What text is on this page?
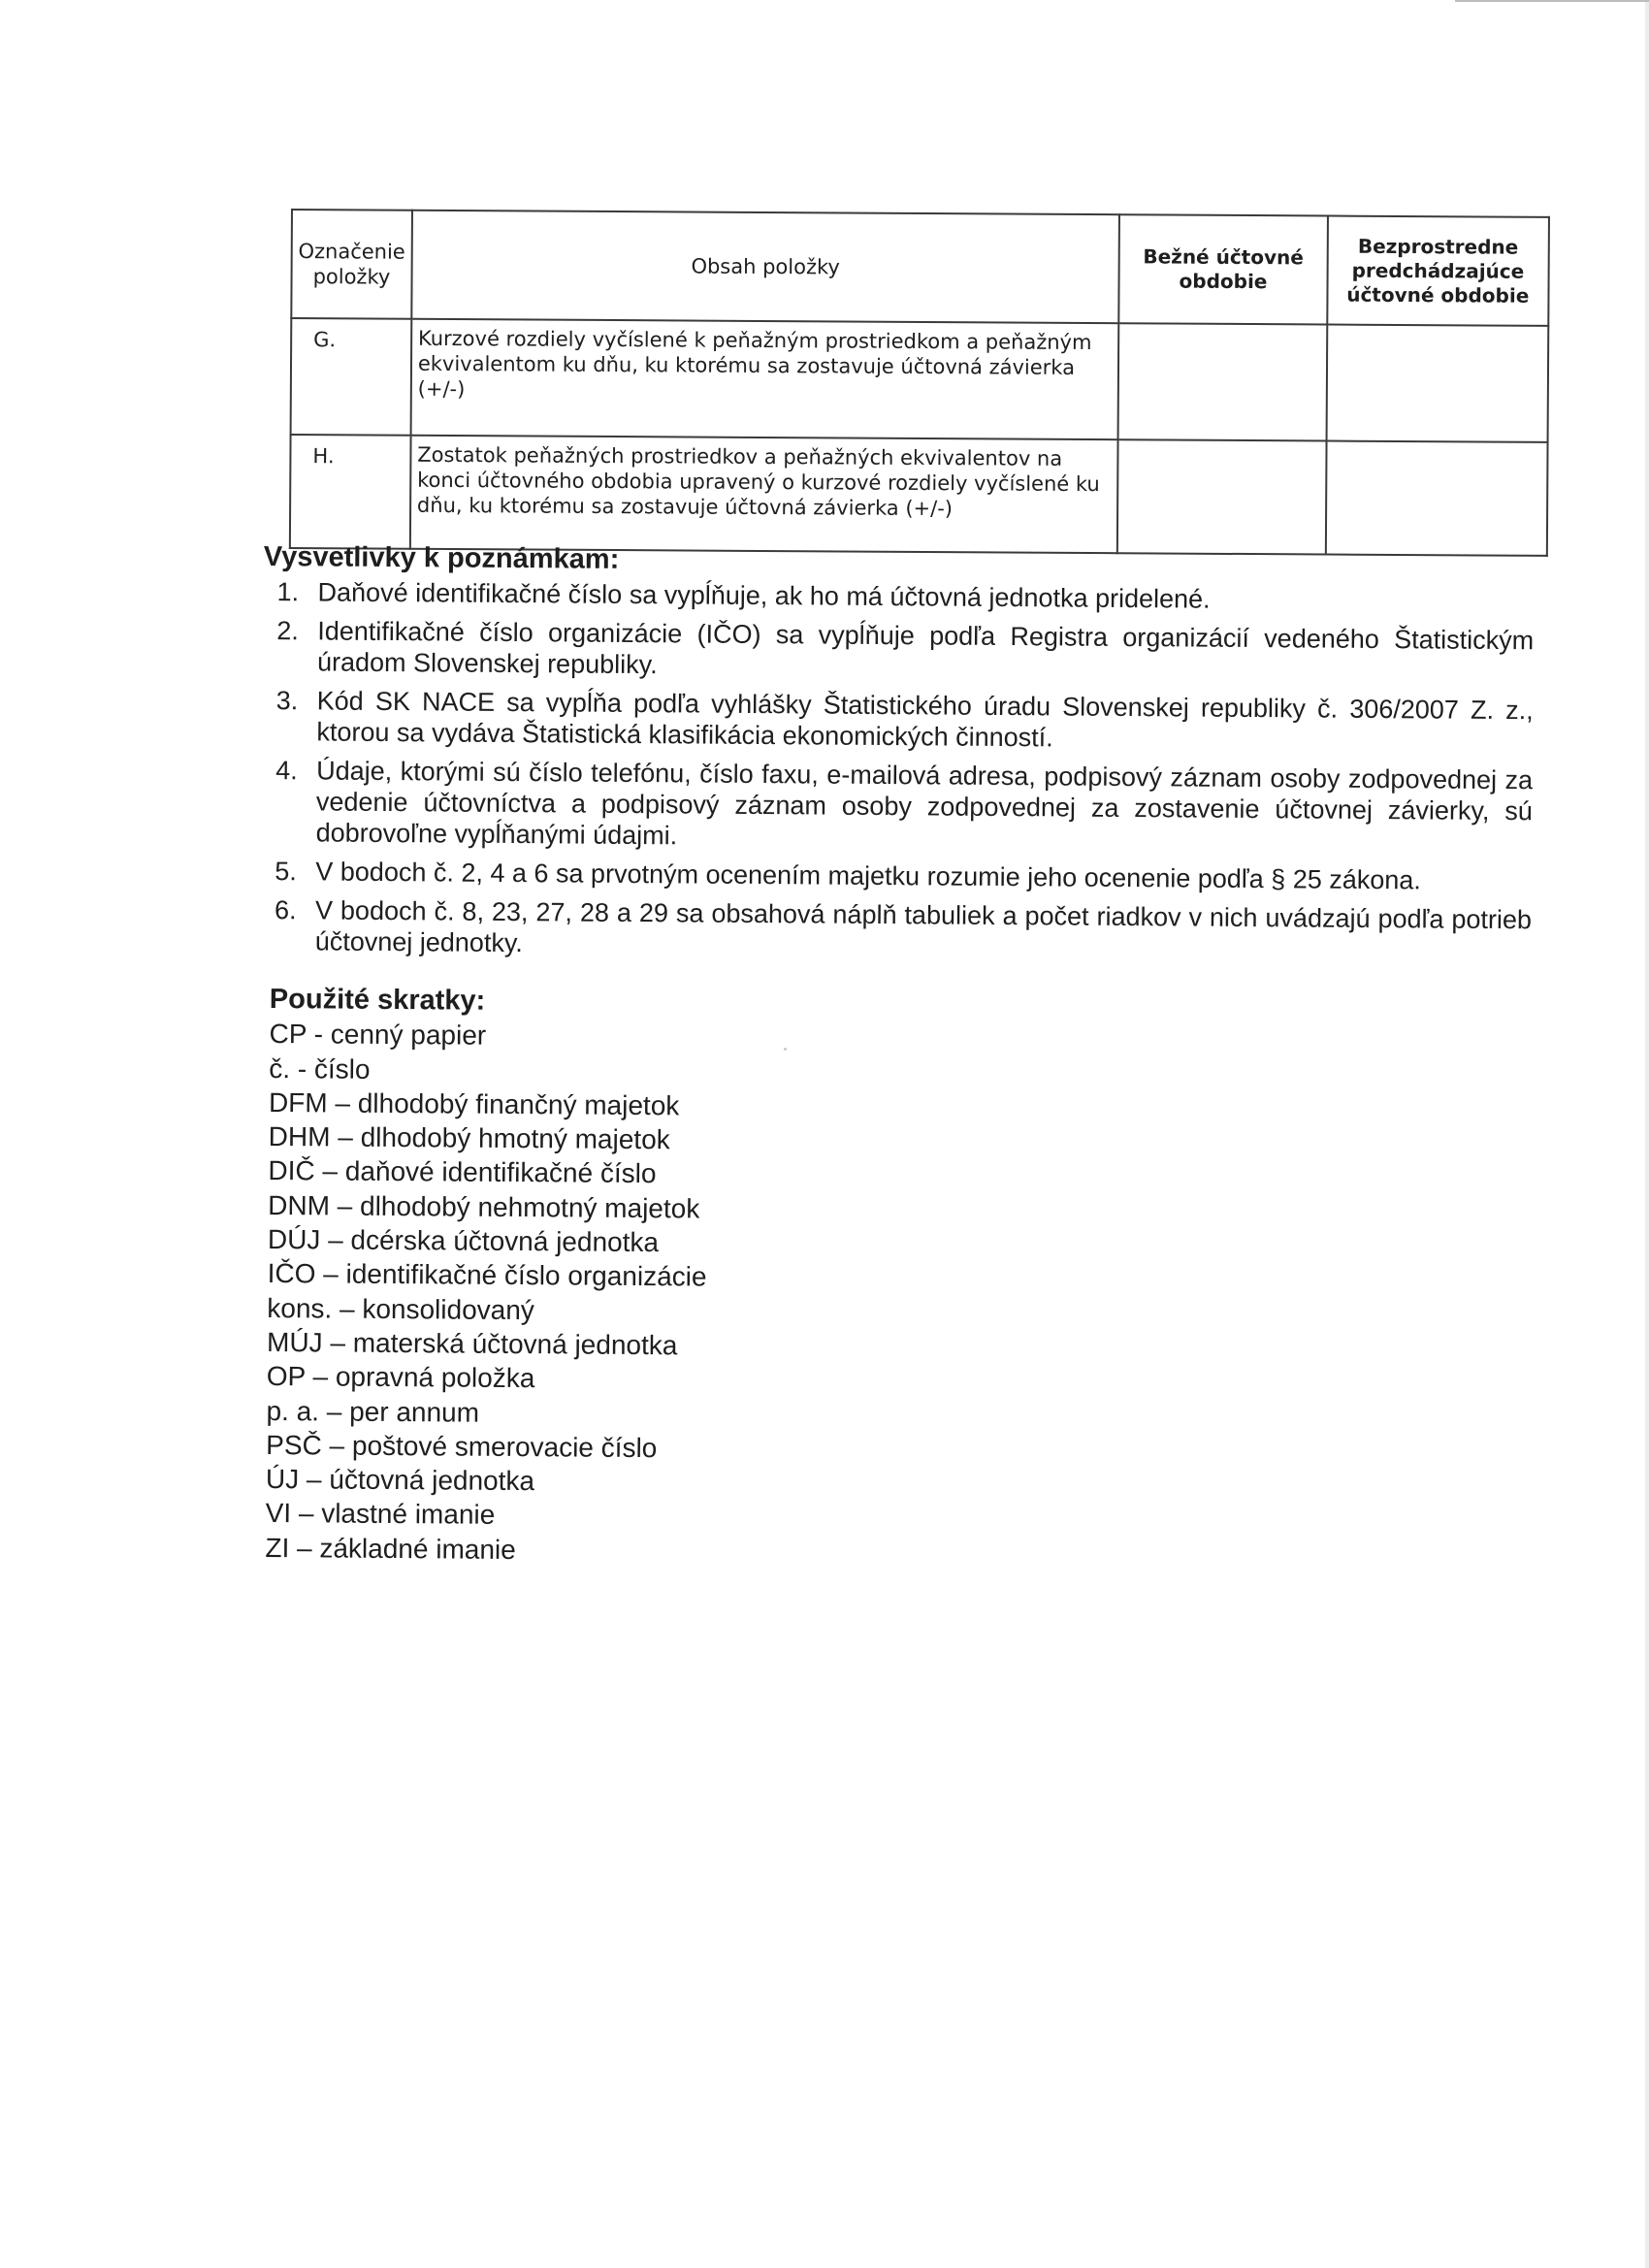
Označenie položky	Obsah položky	Bežné účtovné obdobie	Bezprostredne predchádzajúce účtovné obdobie
G.	Kurzové rozdiely vyčíslené k peňažným prostriedkom a peňažným ekvivalentom ku dňu, ku ktorému sa zostavuje účtovná závierka (+/-)		
H.	Zostatok peňažných prostriedkov a peňažných ekvivalentov na konci účtovného obdobia upravený o kurzové rozdiely vyčíslené ku dňu, ku ktorému sa zostavuje účtovná závierka (+/-)		
Vysvetlivky k poznámkam:
1. Daňové identifikačné číslo sa vypĺňuje, ak ho má účtovná jednotka pridelené.
2. Identifikačné číslo organizácie (IČO) sa vypĺňuje podľa Registra organizácií vedeného Štatistickým úradom Slovenskej republiky.
3. Kód SK NACE sa vypĺňa podľa vyhlášky Štatistického úradu Slovenskej republiky č. 306/2007 Z. z., ktorou sa vydáva Štatistická klasifikácia ekonomických činností.
4. Údaje, ktorými sú číslo telefónu, číslo faxu, e-mailová adresa, podpisový záznam osoby zodpovednej za vedenie účtovníctva a podpisový záznam osoby zodpovednej za zostavenie účtovnej závierky, sú dobrovoľne vypĺňanými údajmi.
5. V bodoch č. 2, 4 a 6 sa prvotným ocenením majetku rozumie jeho ocenenie podľa § 25 zákona.
6. V bodoch č. 8, 23, 27, 28 a 29 sa obsahová náplň tabuliek a počet riadkov v nich uvádzajú podľa potrieb účtovnej jednotky.
Použité skratky:
CP - cenný papier
č. - číslo
DFM – dlhodobý finančný majetok
DHM – dlhodobý hmotný majetok
DIČ – daňové identifikačné číslo
DNM – dlhodobý nehmotný majetok
DÚJ – dcérska účtovná jednotka
IČO – identifikačné číslo organizácie
kons. – konsolidovaný
MÚJ – materská účtovná jednotka
OP – opravná položka
p. a. – per annum
PSČ – poštové smerovacie číslo
ÚJ – účtovná jednotka
VI – vlastné imanie
ZI – základné imanie
